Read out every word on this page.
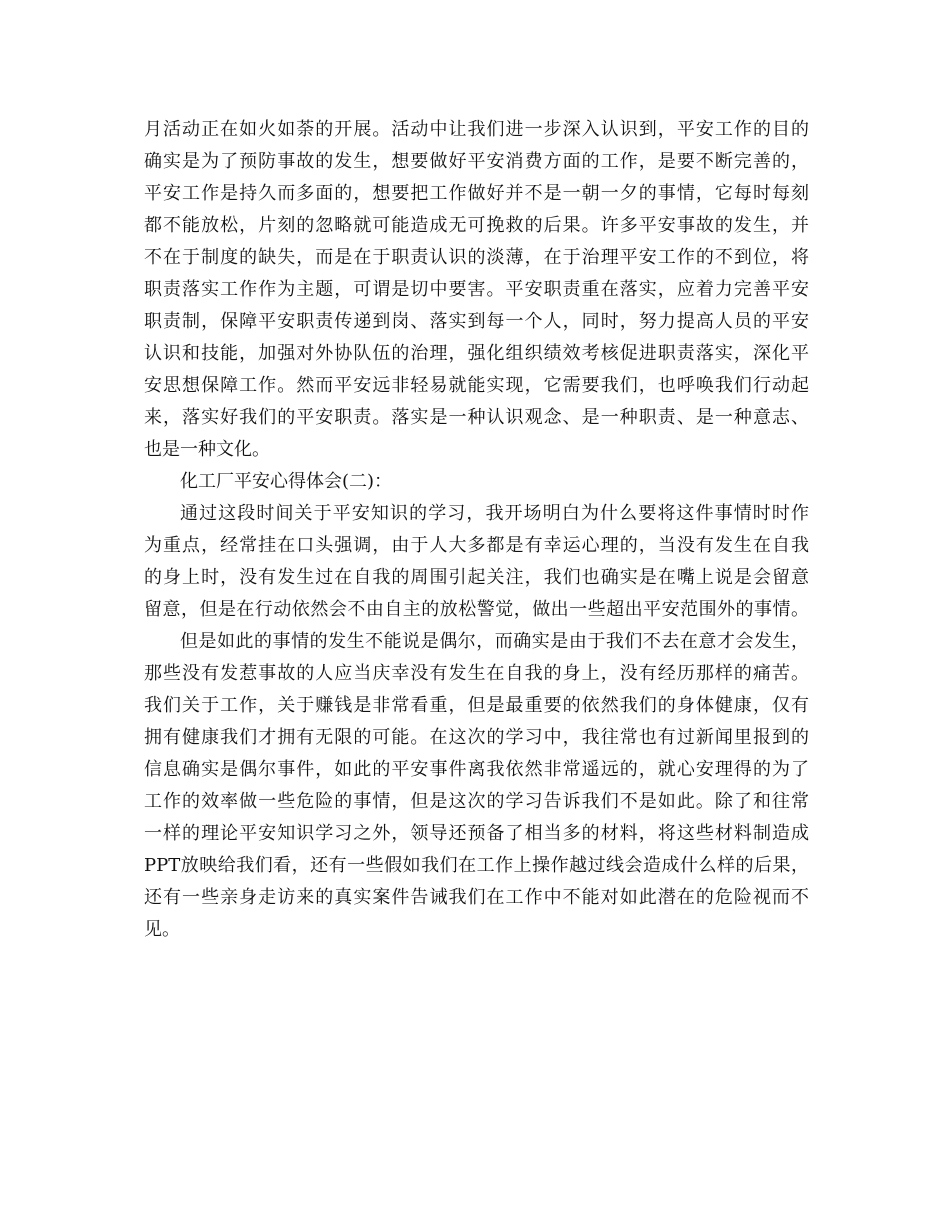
月活动正在如火如荼的开展。活动中让我们进一步深入认识到，平安工作的目的
确实是为了预防事故的发生，想要做好平安消费方面的工作，是要不断完善的，
平安工作是持久而多面的，想要把工作做好并不是一朝一夕的事情，它每时每刻
都不能放松，片刻的忽略就可能造成无可挽救的后果。许多平安事故的发生，并
不在于制度的缺失，而是在于职责认识的淡薄，在于治理平安工作的不到位，将
职责落实工作作为主题，可谓是切中要害。平安职责重在落实，应着力完善平安
职责制，保障平安职责传递到岗、落实到每一个人，同时，努力提高人员的平安
认识和技能，加强对外协队伍的治理，强化组织绩效考核促进职责落实，深化平
安思想保障工作。然而平安远非轻易就能实现，它需要我们，也呼唤我们行动起
来，落实好我们的平安职责。落实是一种认识观念、是一种职责、是一种意志、
也是一种文化。
化工厂平安心得体会(二)：
通过这段时间关于平安知识的学习，我开场明白为什么要将这件事情时时作
为重点，经常挂在口头强调，由于人大多都是有幸运心理的，当没有发生在自我
的身上时，没有发生过在自我的周围引起关注，我们也确实是在嘴上说是会留意
留意，但是在行动依然会不由自主的放松警觉，做出一些超出平安范围外的事情。
但是如此的事情的发生不能说是偶尔，而确实是由于我们不去在意才会发生，
那些没有发惹事故的人应当庆幸没有发生在自我的身上，没有经历那样的痛苦。
我们关于工作，关于赚钱是非常看重，但是最重要的依然我们的身体健康，仅有
拥有健康我们才拥有无限的可能。在这次的学习中，我往常也有过新闻里报到的
信息确实是偶尔事件，如此的平安事件离我依然非常遥远的，就心安理得的为了
工作的效率做一些危险的事情，但是这次的学习告诉我们不是如此。除了和往常
一样的理论平安知识学习之外，领导还预备了相当多的材料，将这些材料制造成
PPT放映给我们看，还有一些假如我们在工作上操作越过线会造成什么样的后果，
还有一些亲身走访来的真实案件告诫我们在工作中不能对如此潜在的危险视而不
见。
